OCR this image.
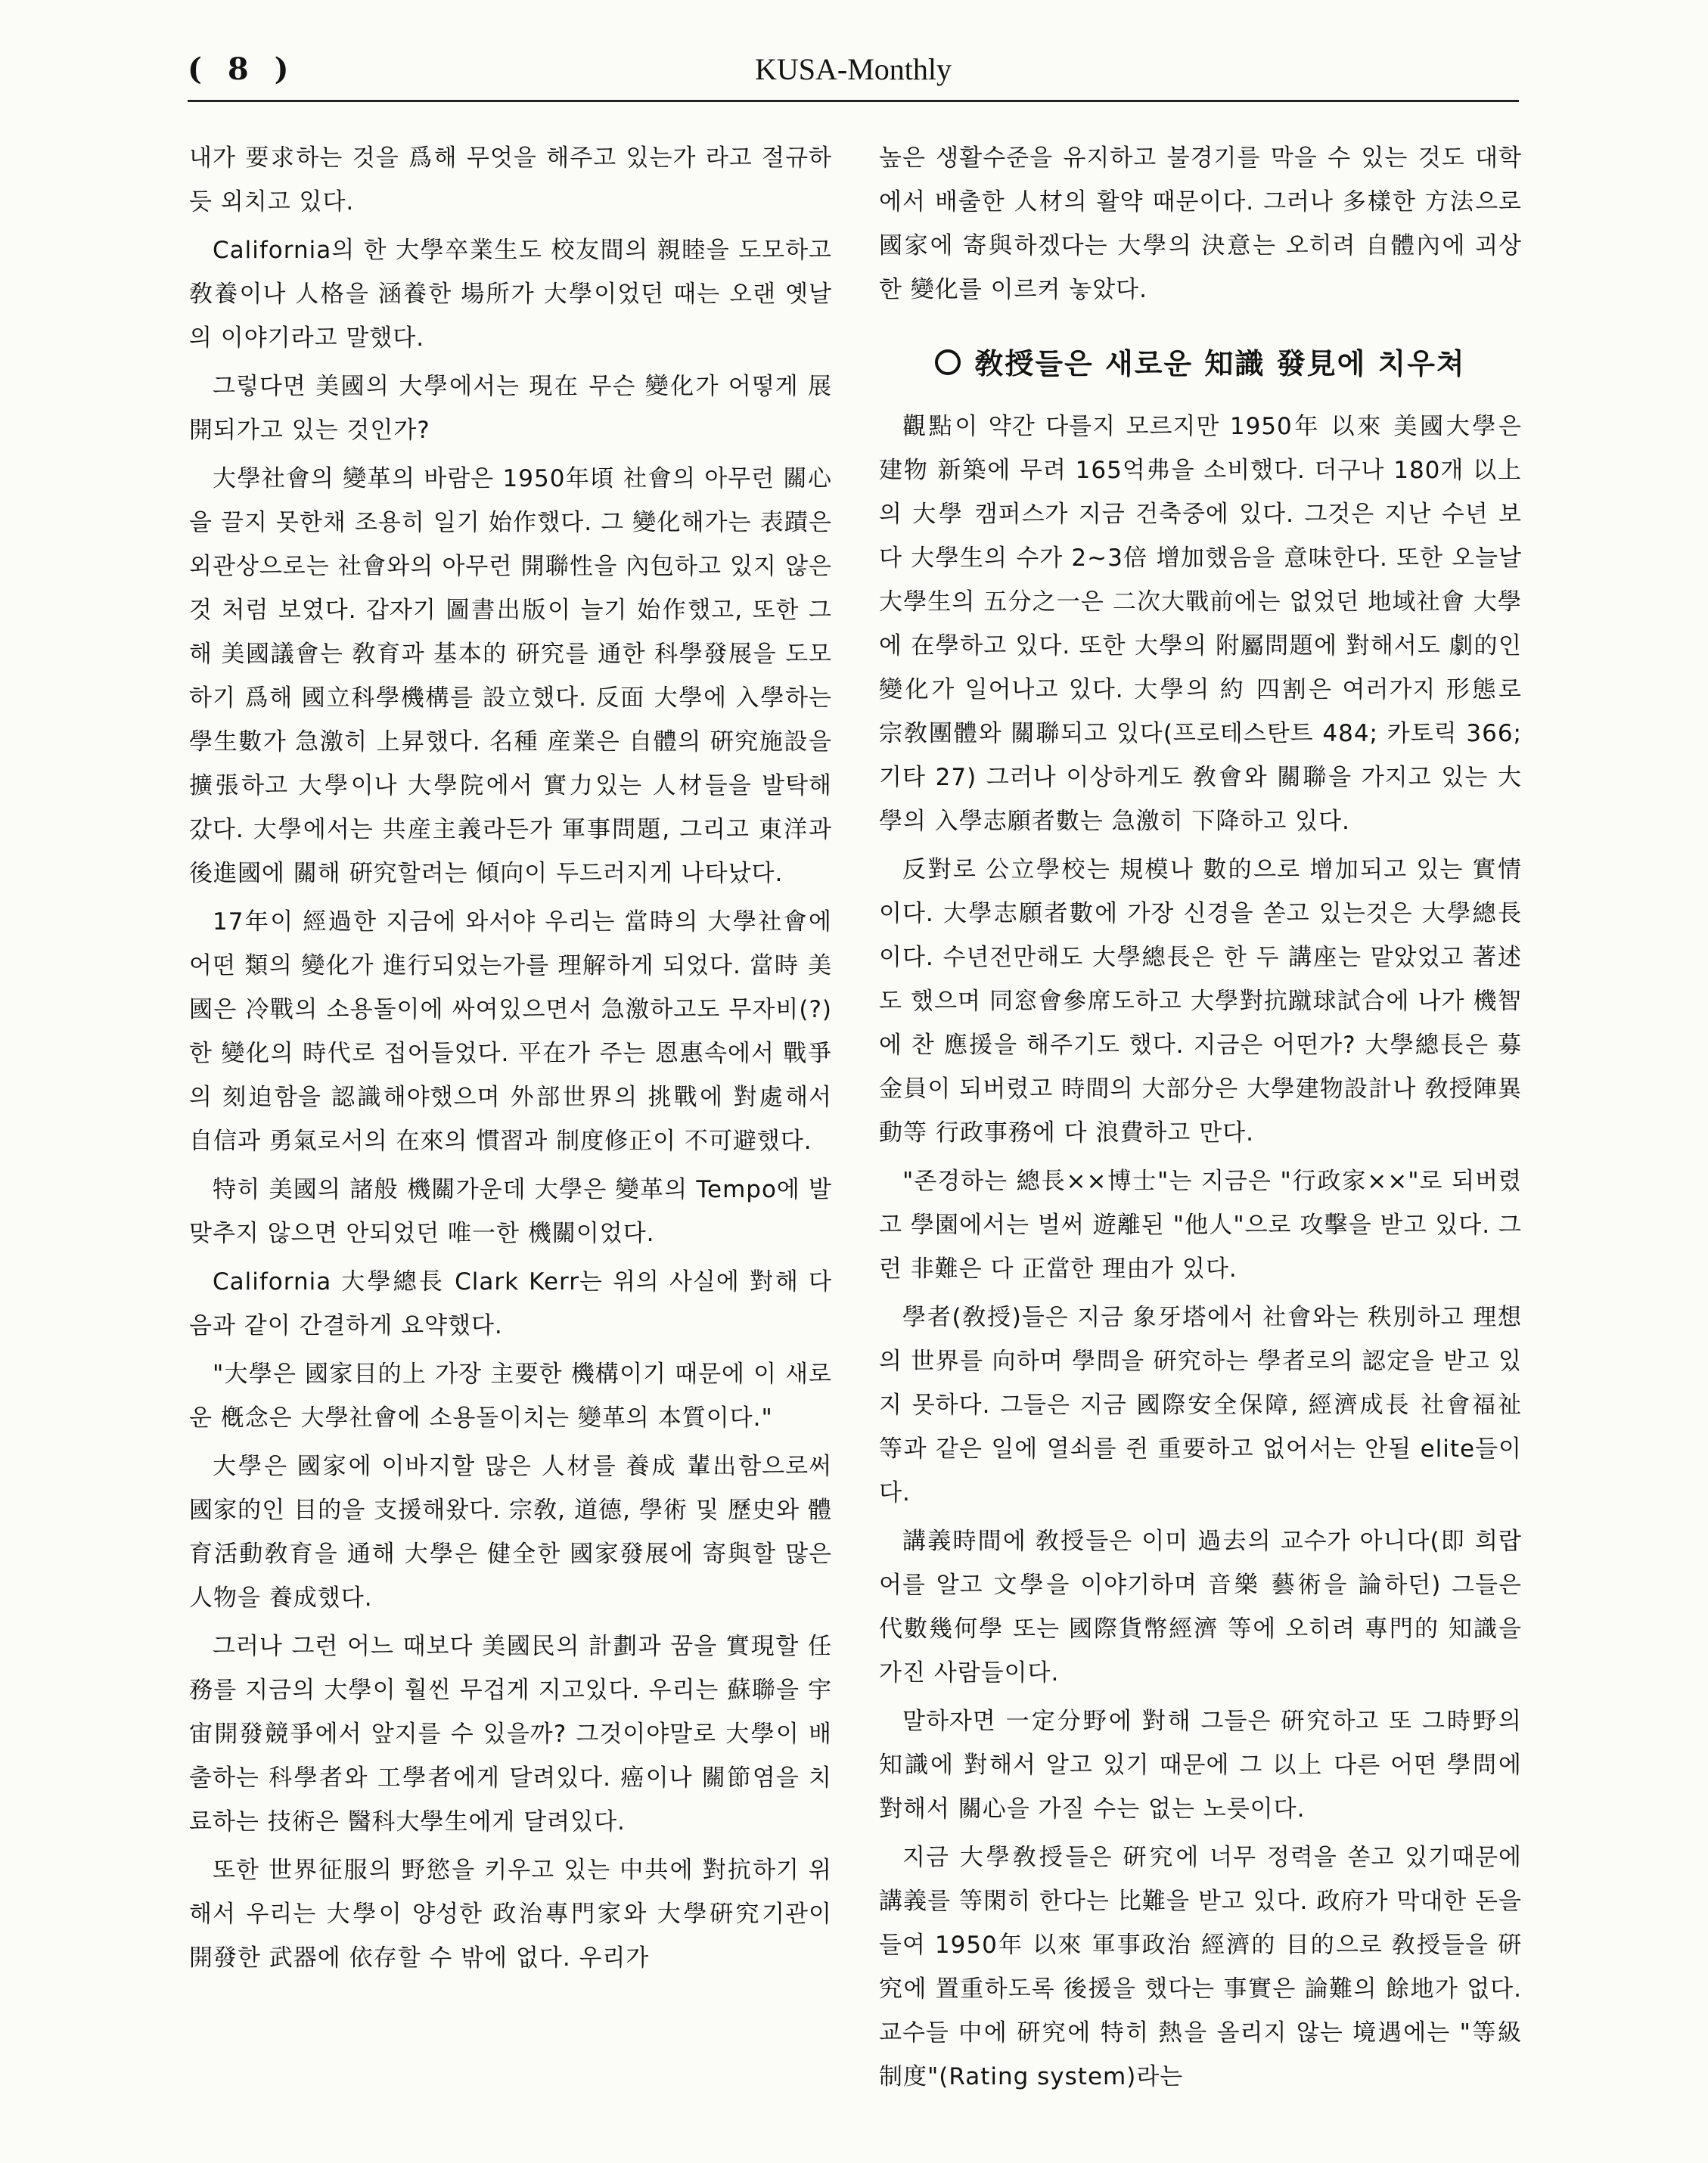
( 8 )	KUSA-Monthly

내가 要求하는 것을 爲해 무엇을 해주고 있는가 라고 절규하듯 외치고 있다.

California의 한 大學卒業生도 校友間의 親睦을 도모하고 敎養이나 人格을 涵養한 場所가 大學이었던 때는 오랜 옛날의 이야기라고 말했다.

그렇다면 美國의 大學에서는 現在 무슨 變化가 어떻게 展開되가고 있는 것인가?

大學社會의 變革의 바람은 1950年頃 社會의 아무런 關心을 끌지 못한채 조용히 일기 始作했다. 그 變化해가는 表蹟은 외관상으로는 社會와의 아무런 開聯性을 內包하고 있지 않은 것 처럼 보였다. 갑자기 圖書出版이 늘기 始作했고, 또한 그해 美國議會는 敎育과 基本的 硏究를 通한 科學發展을 도모하기 爲해 國立科學機構를 設立했다. 反面 大學에 入學하는 學生數가 急激히 上昇했다. 名種 産業은 自體의 硏究施設을 擴張하고 大學이나 大學院에서 實力있는 人材들을 발탁해 갔다. 大學에서는 共産主義라든가 軍事問題, 그리고 東洋과 後進國에 關해 硏究할려는 傾向이 두드러지게 나타났다.

17年이 經過한 지금에 와서야 우리는 當時의 大學社會에 어떤 類의 變化가 進行되었는가를 理解하게 되었다. 當時 美國은 冷戰의 소용돌이에 싸여있으면서 急激하고도 무자비(?)한 變化의 時代로 접어들었다. 平在가 주는 恩惠속에서 戰爭의 刻迫함을 認識해야했으며 外部世界의 挑戰에 對處해서 自信과 勇氣로서의 在來의 慣習과 制度修正이 不可避했다.

特히 美國의 諸般 機關가운데 大學은 變革의 Tempo에 발맞추지 않으면 안되었던 唯一한 機關이었다.

California 大學總長 Clark Kerr는 위의 사실에 對해 다음과 같이 간결하게 요약했다.

"大學은 國家目的上 가장 主要한 機構이기 때문에 이 새로운 槪念은 大學社會에 소용돌이치는 變革의 本質이다."

大學은 國家에 이바지할 많은 人材를 養成 輩出함으로써 國家的인 目的을 支援해왔다. 宗敎, 道德, 學術 및 歷史와 體育活動敎育을 通해 大學은 健全한 國家發展에 寄與할 많은 人物을 養成했다.

그러나 그런 어느 때보다 美國民의 計劃과 꿈을 實現할 任務를 지금의 大學이 훨씬 무겁게 지고있다. 우리는 蘇聯을 宇宙開發競爭에서 앞지를 수 있을까? 그것이야말로 大學이 배출하는 科學者와 工學者에게 달려있다. 癌이나 關節염을 치료하는 技術은 醫科大學生에게 달려있다.

또한 世界征服의 野慾을 키우고 있는 中共에 對抗하기 위해서 우리는 大學이 양성한 政治專門家와 大學硏究기관이 開發한 武器에 依存할 수 밖에 없다. 우리가

높은 생활수준을 유지하고 불경기를 막을 수 있는 것도 대학에서 배출한 人材의 활약 때문이다. 그러나 多樣한 方法으로 國家에 寄與하겠다는 大學의 決意는 오히려 自體內에 괴상한 變化를 이르켜 놓았다.

敎授들은 새로운 知識 發見에 치우쳐

觀點이 약간 다를지 모르지만 1950年 以來 美國大學은 建物 新築에 무려 165억弗을 소비했다. 더구나 180개 以上의 大學 캠퍼스가 지금 건축중에 있다. 그것은 지난 수년 보다 大學生의 수가 2~3倍 增加했음을 意味한다. 또한 오늘날 大學生의 五分之一은 二次大戰前에는 없었던 地域社會 大學에 在學하고 있다. 또한 大學의 附屬問題에 對해서도 劇的인 變化가 일어나고 있다. 大學의 約 四割은 여러가지 形態로 宗敎團體와 關聯되고 있다(프로테스탄트 484; 카토릭 366; 기타 27) 그러나 이상하게도 敎會와 關聯을 가지고 있는 大學의 入學志願者數는 急激히 下降하고 있다.

反對로 公立學校는 規模나 數的으로 增加되고 있는 實情이다. 大學志願者數에 가장 신경을 쏟고 있는것은 大學總長이다. 수년전만해도 大學總長은 한 두 講座는 맡았었고 著述도 했으며 同窓會參席도하고 大學對抗蹴球試合에 나가 機智에 찬 應援을 해주기도 했다. 지금은 어떤가? 大學總長은 募金員이 되버렸고 時間의 大部分은 大學建物設計나 敎授陣異動等 行政事務에 다 浪費하고 만다.

"존경하는 總長××博士"는 지금은 "行政家××"로 되버렸고 學園에서는 벌써 遊離된 "他人"으로 攻擊을 받고 있다. 그런 非難은 다 正當한 理由가 있다.

學者(敎授)들은 지금 象牙塔에서 社會와는 秩別하고 理想의 世界를 向하며 學問을 硏究하는 學者로의 認定을 받고 있지 못하다. 그들은 지금 國際安全保障, 經濟成長 社會福祉 等과 같은 일에 열쇠를 쥔 重要하고 없어서는 안될 elite들이다.

講義時間에 敎授들은 이미 過去의 교수가 아니다(即 희랍어를 알고 文學을 이야기하며 音樂 藝術을 論하던) 그들은 代數幾何學 또는 國際貨幣經濟 等에 오히려 專門的 知識을 가진 사람들이다.

말하자면 一定分野에 對해 그들은 硏究하고 또 그時野의 知識에 對해서 알고 있기 때문에 그 以上 다른 어떤 學問에 對해서 關心을 가질 수는 없는 노릇이다.

지금 大學敎授들은 硏究에 너무 정력을 쏟고 있기때문에 講義를 等閑히 한다는 比難을 받고 있다. 政府가 막대한 돈을들여 1950年 以來 軍事政治 經濟的 目的으로 敎授들을 硏究에 置重하도록 後援을 했다는 事實은 論難의 餘地가 없다. 교수들 中에 硏究에 特히 熱을 올리지 않는 境遇에는 "等級制度"(Rating system)라는
